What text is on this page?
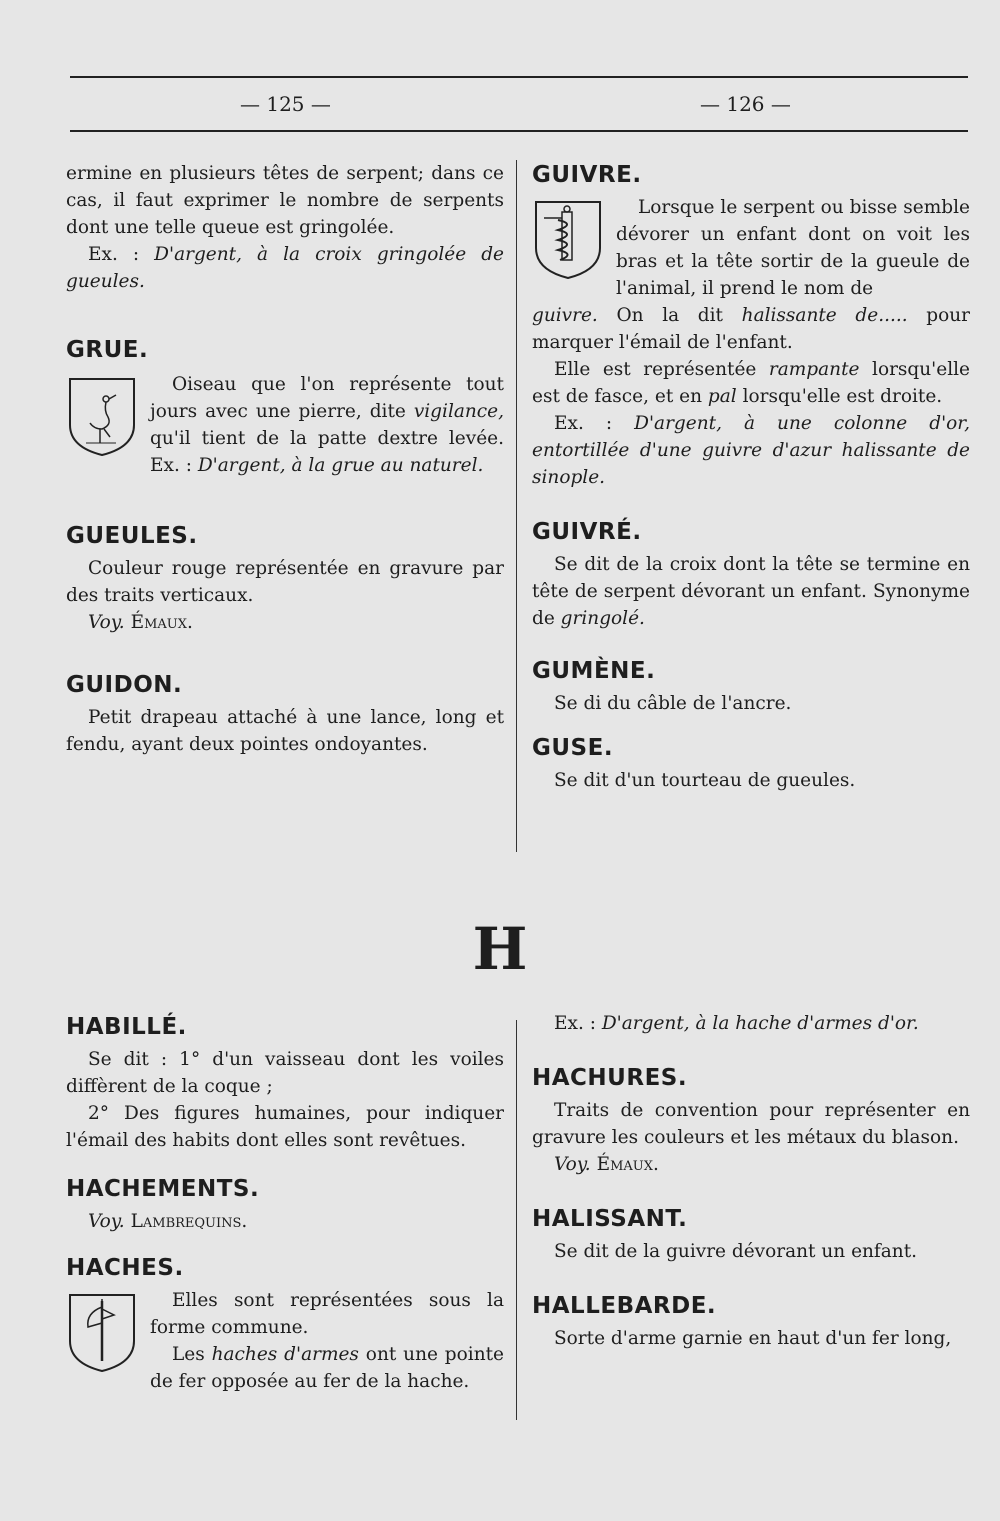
— 125 —	— 126 —

ermine en plusieurs têtes de serpent; dans ce cas, il faut exprimer le nombre de serpents dont une telle queue est gringolée.

Ex. : D'argent, à la croix gringolée de gueules.

GRUE.

Oiseau que l'on représente tout jours avec une pierre, dite vigilance, qu'il tient de la patte dextre levée. Ex. : D'argent, à la grue au naturel.

GUEULES.

Couleur rouge représentée en gravure par des traits verticaux.

Voy. Émaux.

GUIDON.

Petit drapeau attaché à une lance, long et fendu, ayant deux pointes ondoyantes.

GUIVRE.

Lorsque le serpent ou bisse semble dévorer un enfant dont on voit les bras et la tête sortir de la gueule de l'animal, il prend le nom de

guivre. On la dit halissante de..... pour marquer l'émail de l'enfant.

Elle est représentée rampante lorsqu'elle est de fasce, et en pal lorsqu'elle est droite.

Ex. : D'argent, à une colonne d'or, entortillée d'une guivre d'azur halissante de sinople.

GUIVRÉ.

Se dit de la croix dont la tête se termine en tête de serpent dévorant un enfant. Synonyme de gringolé.

GUMÈNE.

Se di du câble de l'ancre.

GUSE.

Se dit d'un tourteau de gueules.

H
HABILLÉ.

Se dit : 1° d'un vaisseau dont les voiles diffèrent de la coque ;

2° Des figures humaines, pour indiquer l'émail des habits dont elles sont revêtues.

HACHEMENTS.

Voy. Lambrequins.

HACHES.

Elles sont représentées sous la forme commune.

Les haches d'armes ont une pointe de fer opposée au fer de la hache.

Ex. : D'argent, à la hache d'armes d'or.

HACHURES.

Traits de convention pour représenter en gravure les couleurs et les métaux du blason.

Voy. Émaux.

HALISSANT.

Se dit de la guivre dévorant un enfant.

HALLEBARDE.

Sorte d'arme garnie en haut d'un fer long,
